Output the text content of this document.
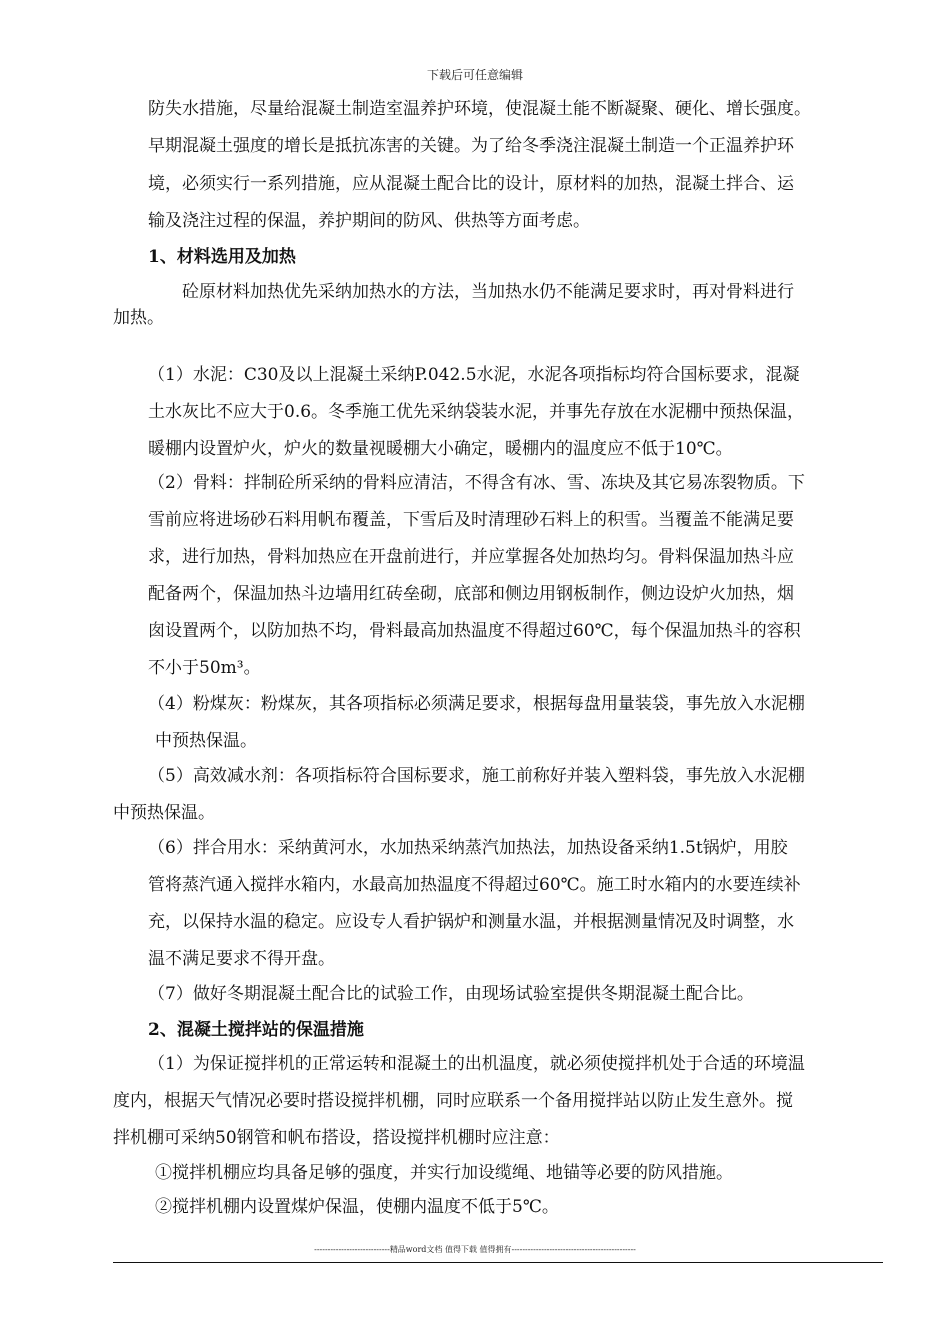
下载后可任意编辑
防失水措施，尽量给混凝土制造室温养护环境，使混凝土能不断凝聚、硬化、增长强度。
早期混凝土强度的增长是抵抗冻害的关键。为了给冬季浇注混凝土制造一个正温养护环
境，必须实行一系列措施，应从混凝土配合比的设计，原材料的加热，混凝土拌合、运
输及浇注过程的保温，养护期间的防风、供热等方面考虑。
1、材料选用及加热
砼原材料加热优先采纳加热水的方法，当加热水仍不能满足要求时，再对骨料进行
加热。
（1）水泥：C30及以上混凝土采纳P.042.5水泥，水泥各项指标均符合国标要求，混凝
土水灰比不应大于0.6。冬季施工优先采纳袋装水泥，并事先存放在水泥棚中预热保温，
暖棚内设置炉火，炉火的数量视暖棚大小确定，暖棚内的温度应不低于10℃。
（2）骨料：拌制砼所采纳的骨料应清洁，不得含有冰、雪、冻块及其它易冻裂物质。下
雪前应将进场砂石料用帆布覆盖，下雪后及时清理砂石料上的积雪。当覆盖不能满足要
求，进行加热，骨料加热应在开盘前进行，并应掌握各处加热均匀。骨料保温加热斗应
配备两个，保温加热斗边墙用红砖垒砌，底部和侧边用钢板制作，侧边设炉火加热，烟
囱设置两个，以防加热不均，骨料最高加热温度不得超过60℃，每个保温加热斗的容积
不小于50m³。
（4）粉煤灰：粉煤灰，其各项指标必须满足要求，根据每盘用量装袋，事先放入水泥棚
中预热保温。
（5）高效减水剂：各项指标符合国标要求，施工前称好并装入塑料袋，事先放入水泥棚
中预热保温。
（6）拌合用水：采纳黄河水，水加热采纳蒸汽加热法，加热设备采纳1.5t锅炉，用胶
管将蒸汽通入搅拌水箱内，水最高加热温度不得超过60℃。施工时水箱内的水要连续补
充，以保持水温的稳定。应设专人看护锅炉和测量水温，并根据测量情况及时调整，水
温不满足要求不得开盘。
（7）做好冬期混凝土配合比的试验工作，由现场试验室提供冬期混凝土配合比。
2、混凝土搅拌站的保温措施
（1）为保证搅拌机的正常运转和混凝土的出机温度，就必须使搅拌机处于合适的环境温
度内，根据天气情况必要时搭设搅拌机棚，同时应联系一个备用搅拌站以防止发生意外。搅
拌机棚可采纳50钢管和帆布搭设，搭设搅拌机棚时应注意：
①搅拌机棚应均具备足够的强度，并实行加设缆绳、地锚等必要的防风措施。
②搅拌机棚内设置煤炉保温，使棚内温度不低于5℃。
----------------------------精品word文档 值得下载 值得拥有----------------------------------------------
